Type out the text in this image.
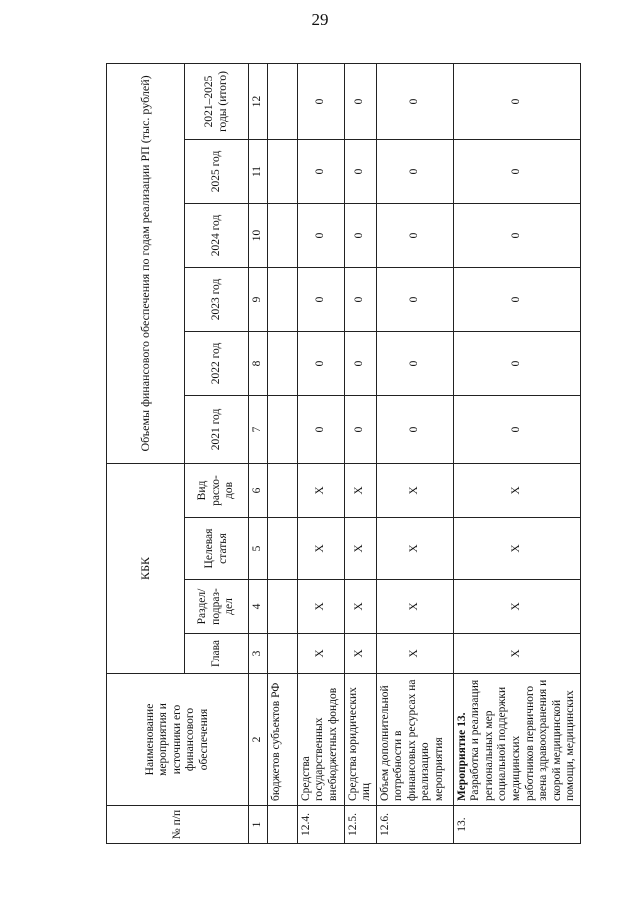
29
№ п/п	Наименование мероприятия и источники его финансового обеспечения	КБК				Объемы финансового обеспечения по годам реализации РП (тыс. рублей)					
		Глава	Раздел/ подраз-дел	Целевая статья	Вид расхо-дов	2021 год	2022 год	2023 год	2024 год	2025 год	2021–2025 годы (итого)
1	2	3	4	5	6	7	8	9	10	11	12
	бюджетов субъектов РФ										
12.4.	Средства государственных внебюджетных фондов	Х	Х	Х	Х	0	0	0	0	0	0
12.5.	Средства юридических лиц	Х	Х	Х	Х	0	0	0	0	0	0
12.6.	Объем дополнительной потребности в финансовых ресурсах на реализацию мероприятия	Х	Х	Х	Х	0	0	0	0	0	0
13.	Мероприятие 13. Разработка и реализация региональных мер социальной поддержки медицинских работников первичного звена здравоохранения и скорой медицинской помощи, медицинских	Х	Х	Х	Х	0	0	0	0	0	0
